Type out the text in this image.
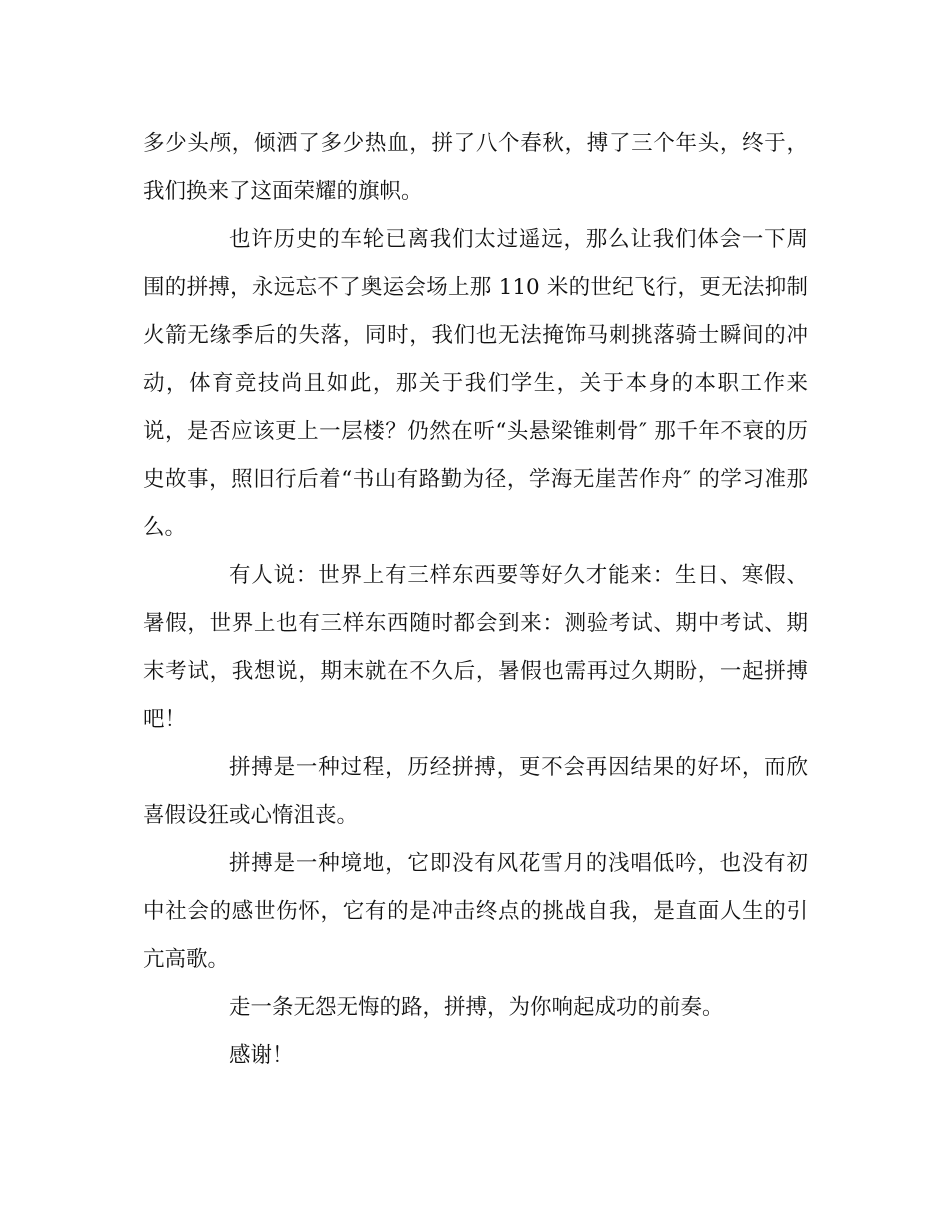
多少头颅，倾洒了多少热血，拼了八个春秋，搏了三个年头，终于，我们换来了这面荣耀的旗帜。

也许历史的车轮已离我们太过遥远，那么让我们体会一下周围的拼搏，永远忘不了奥运会场上那 110 米的世纪飞行，更无法抑制火箭无缘季后的失落，同时，我们也无法掩饰马刺挑落骑士瞬间的冲动，体育竞技尚且如此，那关于我们学生，关于本身的本职工作来说，是否应该更上一层楼？仍然在听“头悬梁锥刺骨″ 那千年不衰的历史故事，照旧行后着“书山有路勤为径，学海无崖苦作舟″ 的学习准那么。

有人说：世界上有三样东西要等好久才能来：生日、寒假、暑假，世界上也有三样东西随时都会到来：测验考试、期中考试、期末考试，我想说，期末就在不久后，暑假也需再过久期盼，一起拼搏吧！

拼搏是一种过程，历经拼搏，更不会再因结果的好坏，而欣喜假设狂或心惰沮丧。

拼搏是一种境地，它即没有风花雪月的浅唱低吟，也没有初中社会的感世伤怀，它有的是冲击终点的挑战自我，是直面人生的引亢高歌。

走一条无怨无悔的路，拼搏，为你响起成功的前奏。

感谢！
